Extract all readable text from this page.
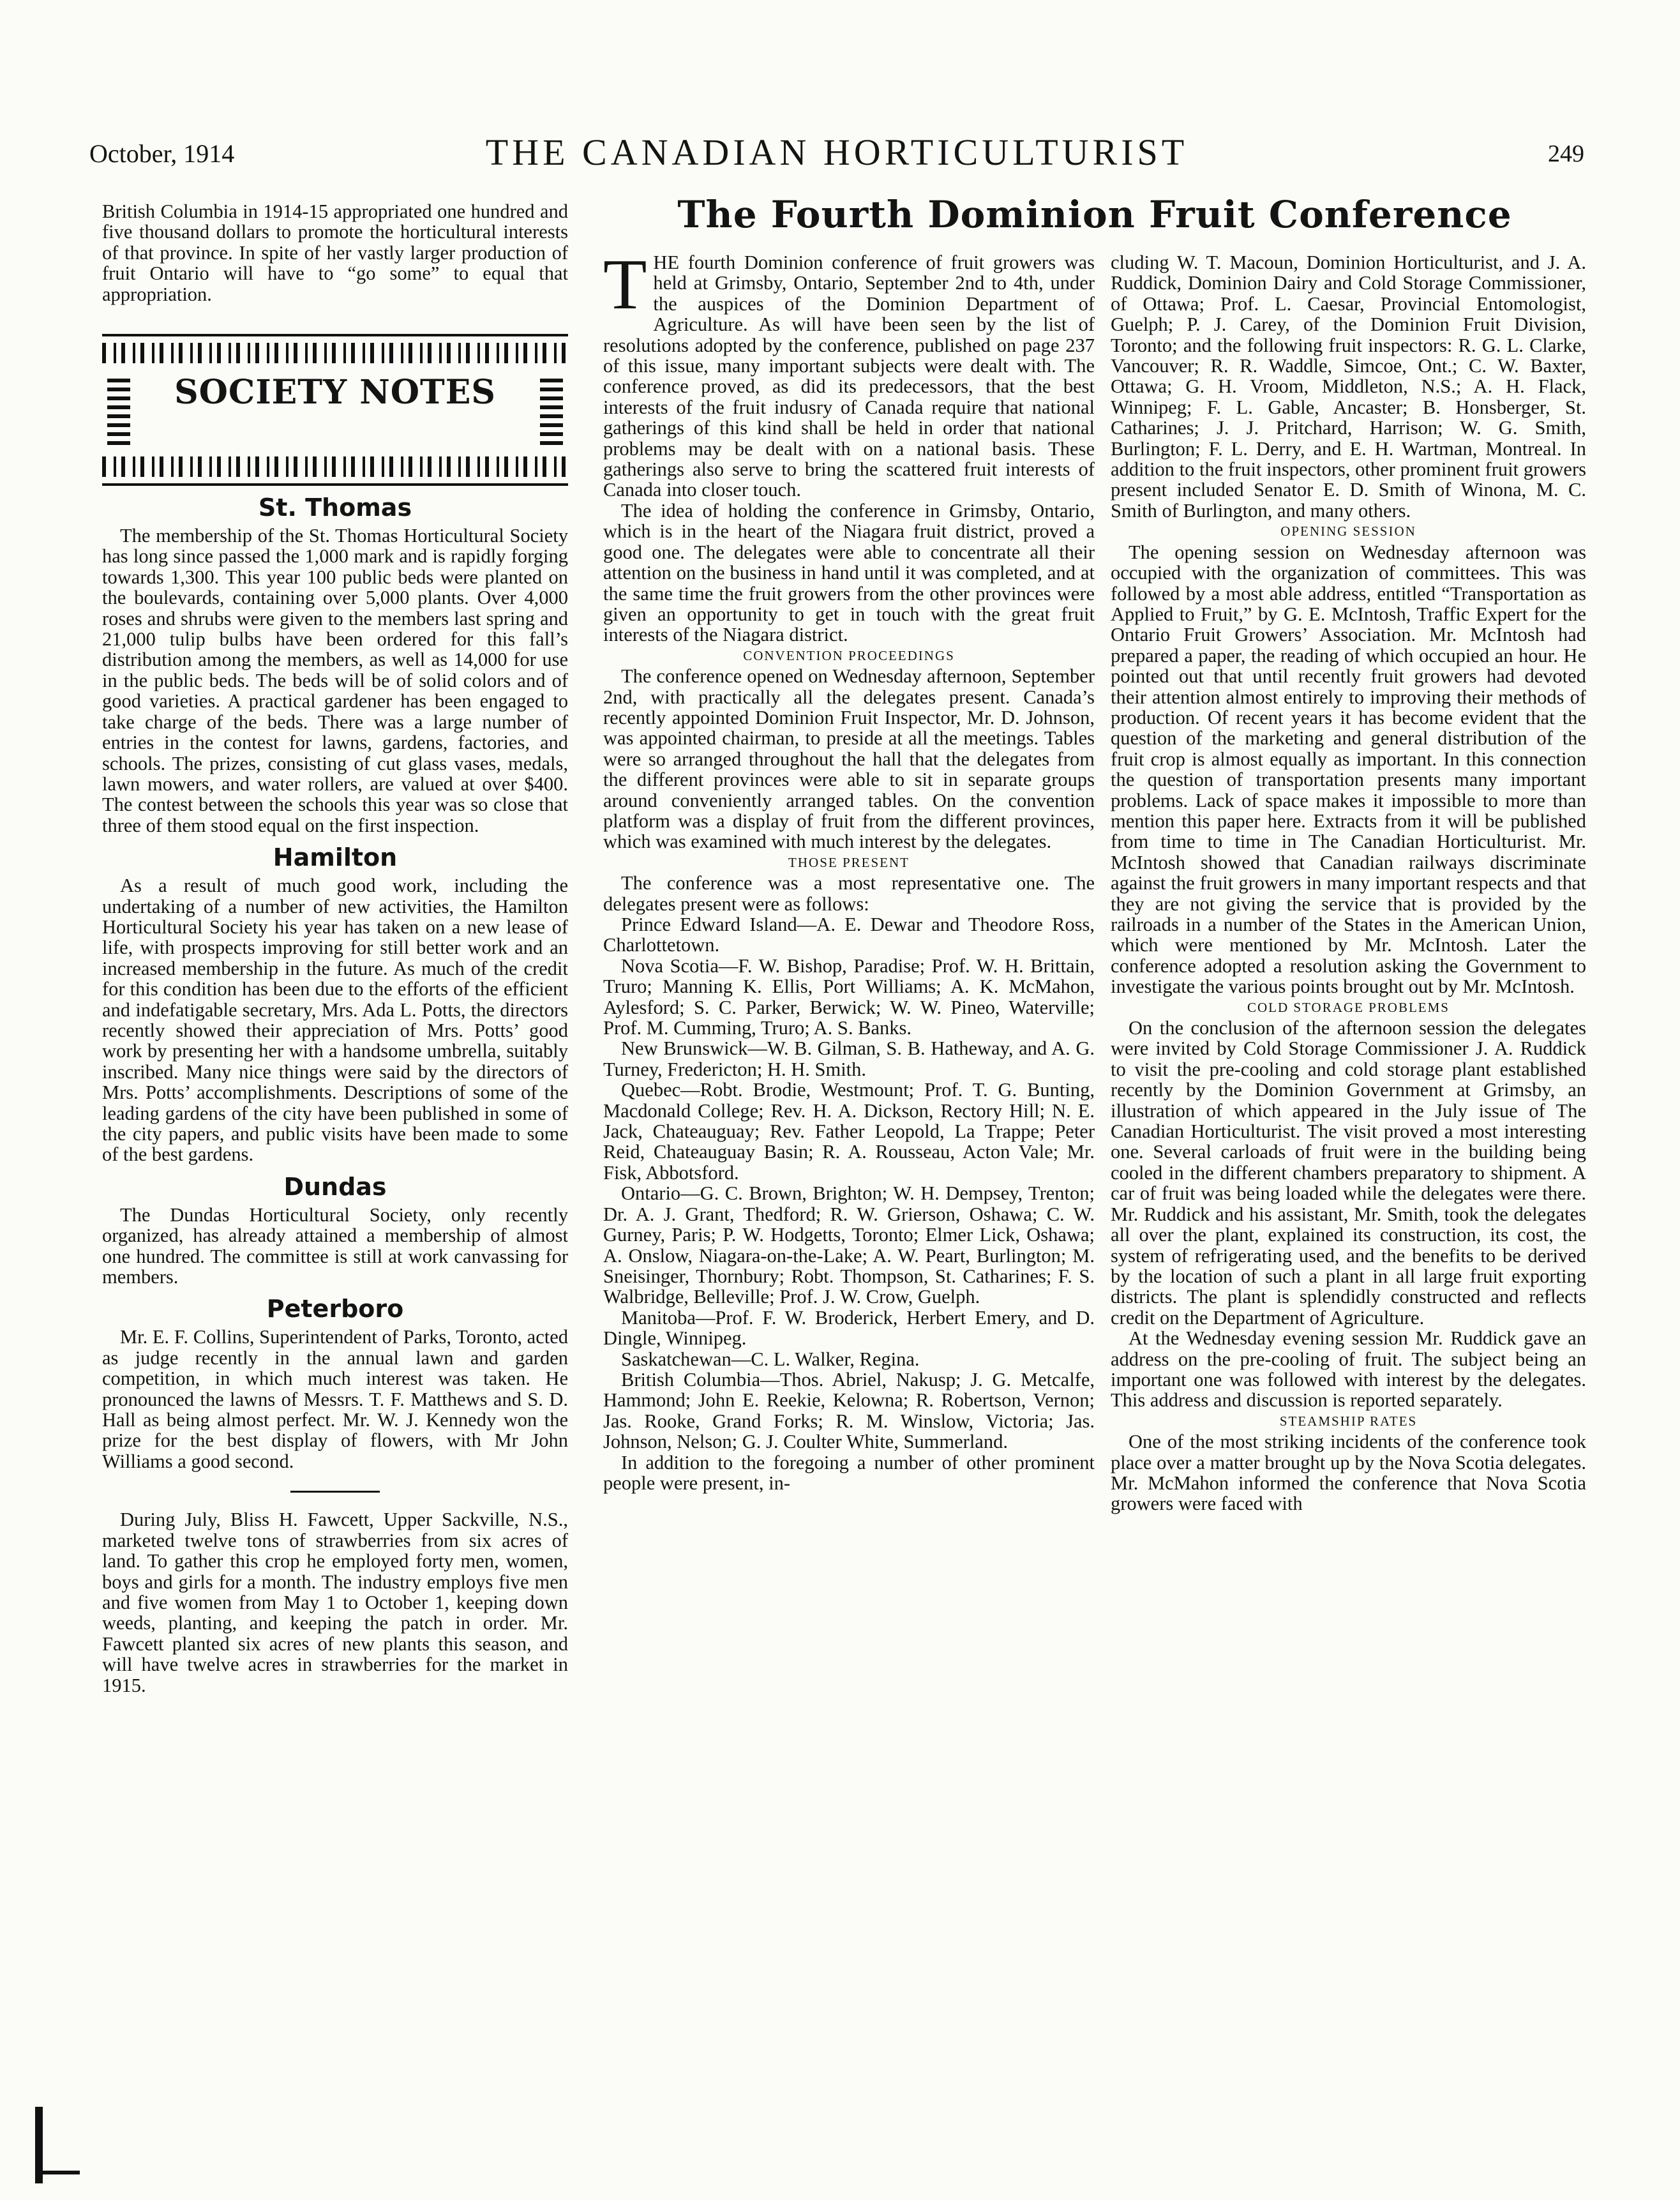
October, 1914	THE CANADIAN HORTICULTURIST	249

British Columbia in 1914-15 appropriated one hundred and five thousand dollars to promote the horticultural interests of that province. In spite of her vastly larger production of fruit Ontario will have to “go some” to equal that appropriation.

SOCIETY NOTES
St. Thomas

The membership of the St. Thomas Horticultural Society has long since passed the 1,000 mark and is rapidly forging towards 1,300. This year 100 public beds were planted on the boulevards, containing over 5,000 plants. Over 4,000 roses and shrubs were given to the members last spring and 21,000 tulip bulbs have been ordered for this fall’s distribution among the members, as well as 14,000 for use in the public beds. The beds will be of solid colors and of good varieties. A practical gardener has been engaged to take charge of the beds. There was a large number of entries in the contest for lawns, gardens, factories, and schools. The prizes, consisting of cut glass vases, medals, lawn mowers, and water rollers, are valued at over $400. The contest between the schools this year was so close that three of them stood equal on the first inspection.

Hamilton

As a result of much good work, including the undertaking of a number of new activities, the Hamilton Horticultural Society his year has taken on a new lease of life, with prospects improving for still better work and an increased membership in the future. As much of the credit for this condition has been due to the efforts of the efficient and indefatigable secretary, Mrs. Ada L. Potts, the directors recently showed their appreciation of Mrs. Potts’ good work by presenting her with a handsome umbrella, suitably inscribed. Many nice things were said by the directors of Mrs. Potts’ accomplishments. Descriptions of some of the leading gardens of the city have been published in some of the city papers, and public visits have been made to some of the best gardens.

Dundas

The Dundas Horticultural Society, only recently organized, has already attained a membership of almost one hundred. The committee is still at work canvassing for members.

Peterboro

Mr. E. F. Collins, Superintendent of Parks, Toronto, acted as judge recently in the annual lawn and garden competition, in which much interest was taken. He pronounced the lawns of Messrs. T. F. Matthews and S. D. Hall as being almost perfect. Mr. W. J. Kennedy won the prize for the best display of flowers, with Mr John Williams a good second.

During July, Bliss H. Fawcett, Upper Sackville, N.S., marketed twelve tons of strawberries from six acres of land. To gather this crop he employed forty men, women, boys and girls for a month. The industry employs five men and five women from May 1 to October 1, keeping down weeds, planting, and keeping the patch in order. Mr. Fawcett planted six acres of new plants this season, and will have twelve acres in strawberries for the market in 1915.

The Fourth Dominion Fruit Conference

THE fourth Dominion conference of fruit growers was held at Grimsby, Ontario, September 2nd to 4th, under the auspices of the Dominion Department of Agriculture. As will have been seen by the list of resolutions adopted by the conference, published on page 237 of this issue, many important subjects were dealt with. The conference proved, as did its predecessors, that the best interests of the fruit indusry of Canada require that national gatherings of this kind shall be held in order that national problems may be dealt with on a national basis. These gatherings also serve to bring the scattered fruit interests of Canada into closer touch.

The idea of holding the conference in Grimsby, Ontario, which is in the heart of the Niagara fruit district, proved a good one. The delegates were able to concentrate all their attention on the business in hand until it was completed, and at the same time the fruit growers from the other provinces were given an opportunity to get in touch with the great fruit interests of the Niagara district.

CONVENTION PROCEEDINGS

The conference opened on Wednesday afternoon, September 2nd, with practically all the delegates present. Canada’s recently appointed Dominion Fruit Inspector, Mr. D. Johnson, was appointed chairman, to preside at all the meetings. Tables were so arranged throughout the hall that the delegates from the different provinces were able to sit in separate groups around conveniently arranged tables. On the convention platform was a display of fruit from the different provinces, which was examined with much interest by the delegates.

THOSE PRESENT

The conference was a most representative one. The delegates present were as follows:

Prince Edward Island—A. E. Dewar and Theodore Ross, Charlottetown.

Nova Scotia—F. W. Bishop, Paradise; Prof. W. H. Brittain, Truro; Manning K. Ellis, Port Williams; A. K. McMahon, Aylesford; S. C. Parker, Berwick; W. W. Pineo, Waterville; Prof. M. Cumming, Truro; A. S. Banks.

New Brunswick—W. B. Gilman, S. B. Hatheway, and A. G. Turney, Fredericton; H. H. Smith.

Quebec—Robt. Brodie, Westmount; Prof. T. G. Bunting, Macdonald College; Rev. H. A. Dickson, Rectory Hill; N. E. Jack, Chateauguay; Rev. Father Leopold, La Trappe; Peter Reid, Chateauguay Basin; R. A. Rousseau, Acton Vale; Mr. Fisk, Abbotsford.

Ontario—G. C. Brown, Brighton; W. H. Dempsey, Trenton; Dr. A. J. Grant, Thedford; R. W. Grierson, Oshawa; C. W. Gurney, Paris; P. W. Hodgetts, Toronto; Elmer Lick, Oshawa; A. Onslow, Niagara-on-the-Lake; A. W. Peart, Burlington; M. Sneisinger, Thornbury; Robt. Thompson, St. Catharines; F. S. Walbridge, Belleville; Prof. J. W. Crow, Guelph.

Manitoba—Prof. F. W. Broderick, Herbert Emery, and D. Dingle, Winnipeg.

Saskatchewan—C. L. Walker, Regina.

British Columbia—Thos. Abriel, Nakusp; J. G. Metcalfe, Hammond; John E. Reekie, Kelowna; R. Robertson, Vernon; Jas. Rooke, Grand Forks; R. M. Winslow, Victoria; Jas. Johnson, Nelson; G. J. Coulter White, Summerland.

In addition to the foregoing a number of other prominent people were present, in-

cluding W. T. Macoun, Dominion Horticulturist, and J. A. Ruddick, Dominion Dairy and Cold Storage Commissioner, of Ottawa; Prof. L. Caesar, Provincial Entomologist, Guelph; P. J. Carey, of the Dominion Fruit Division, Toronto; and the following fruit inspectors: R. G. L. Clarke, Vancouver; R. R. Waddle, Simcoe, Ont.; C. W. Baxter, Ottawa; G. H. Vroom, Middleton, N.S.; A. H. Flack, Winnipeg; F. L. Gable, Ancaster; B. Honsberger, St. Catharines; J. J. Pritchard, Harrison; W. G. Smith, Burlington; F. L. Derry, and E. H. Wartman, Montreal. In addition to the fruit inspectors, other prominent fruit growers present included Senator E. D. Smith of Winona, M. C. Smith of Burlington, and many others.

OPENING SESSION

The opening session on Wednesday afternoon was occupied with the organization of committees. This was followed by a most able address, entitled “Transportation as Applied to Fruit,” by G. E. McIntosh, Traffic Expert for the Ontario Fruit Growers’ Association. Mr. McIntosh had prepared a paper, the reading of which occupied an hour. He pointed out that until recently fruit growers had devoted their attention almost entirely to improving their methods of production. Of recent years it has become evident that the question of the marketing and general distribution of the fruit crop is almost equally as important. In this connection the question of transportation presents many important problems. Lack of space makes it impossible to more than mention this paper here. Extracts from it will be published from time to time in The Canadian Horticulturist. Mr. McIntosh showed that Canadian railways discriminate against the fruit growers in many important respects and that they are not giving the service that is provided by the railroads in a number of the States in the American Union, which were mentioned by Mr. McIntosh. Later the conference adopted a resolution asking the Government to investigate the various points brought out by Mr. McIntosh.

COLD STORAGE PROBLEMS

On the conclusion of the afternoon session the delegates were invited by Cold Storage Commissioner J. A. Ruddick to visit the pre-cooling and cold storage plant established recently by the Dominion Government at Grimsby, an illustration of which appeared in the July issue of The Canadian Horticulturist. The visit proved a most interesting one. Several carloads of fruit were in the building being cooled in the different chambers preparatory to shipment. A car of fruit was being loaded while the delegates were there. Mr. Ruddick and his assistant, Mr. Smith, took the delegates all over the plant, explained its construction, its cost, the system of refrigerating used, and the benefits to be derived by the location of such a plant in all large fruit exporting districts. The plant is splendidly constructed and reflects credit on the Department of Agriculture.

At the Wednesday evening session Mr. Ruddick gave an address on the pre-cooling of fruit. The subject being an important one was followed with interest by the delegates. This address and discussion is reported separately.

STEAMSHIP RATES

One of the most striking incidents of the conference took place over a matter brought up by the Nova Scotia delegates. Mr. McMahon informed the conference that Nova Scotia growers were faced with
